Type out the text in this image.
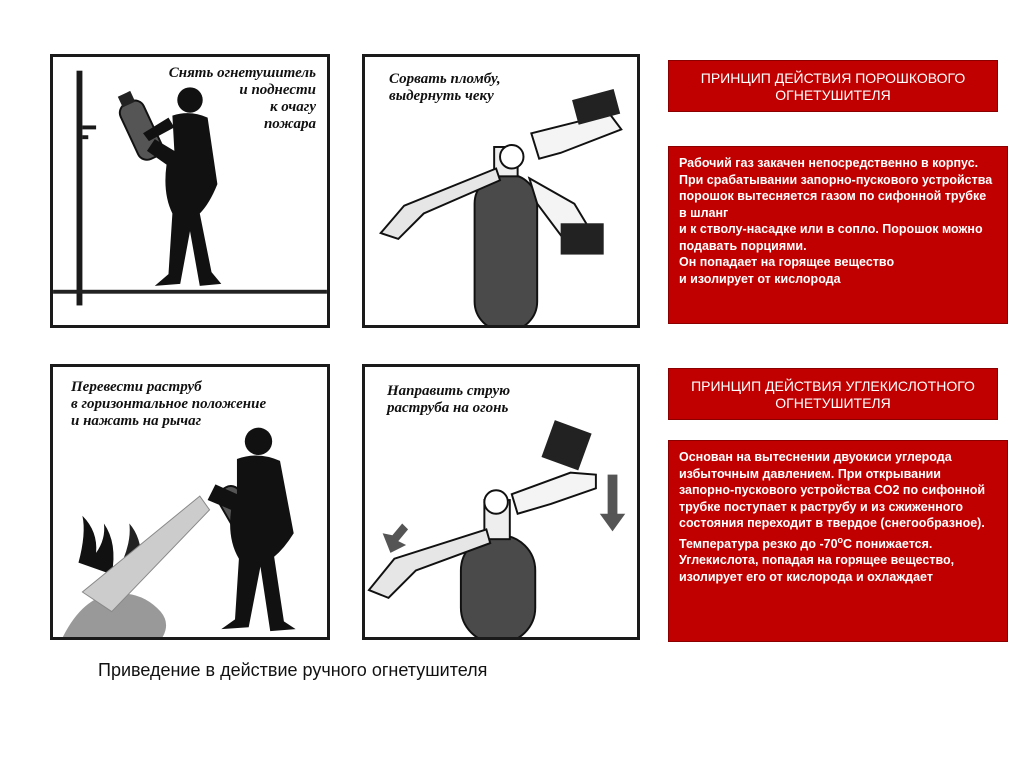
Снять огнетушитель
и поднести
к очагу
пожара
Сорвать пломбу,
выдернуть чеку
Перевести раструб
в горизонтальное положение
и нажать на рычаг
Направить струю
раструба на огонь
ПРИНЦИП ДЕЙСТВИЯ ПОРОШКОВОГО ОГНЕТУШИТЕЛЯ

Рабочий газ закачен непосредственно в корпус.

При срабатывании запорно-пускового устройства порошок вытесняется газом по сифонной трубке в шланг

и к стволу-насадке или в сопло. Порошок можно подавать порциями.

Он попадает на горящее вещество

и изолирует от кислорода

ПРИНЦИП ДЕЙСТВИЯ УГЛЕКИСЛОТНОГО ОГНЕТУШИТЕЛЯ

Основан на вытеснении двуокиси углерода избыточным давлением. При открывании запорно-пускового устройства СО2 по сифонной трубке поступает к раструбу и из сжиженного состояния переходит в твердое (снегообразное). Температура резко до $-70^оС$ понижается. Углекислота, попадая на горящее вещество, изолирует его от кислорода и охлаждает

Приведение в действие ручного огнетушителя
